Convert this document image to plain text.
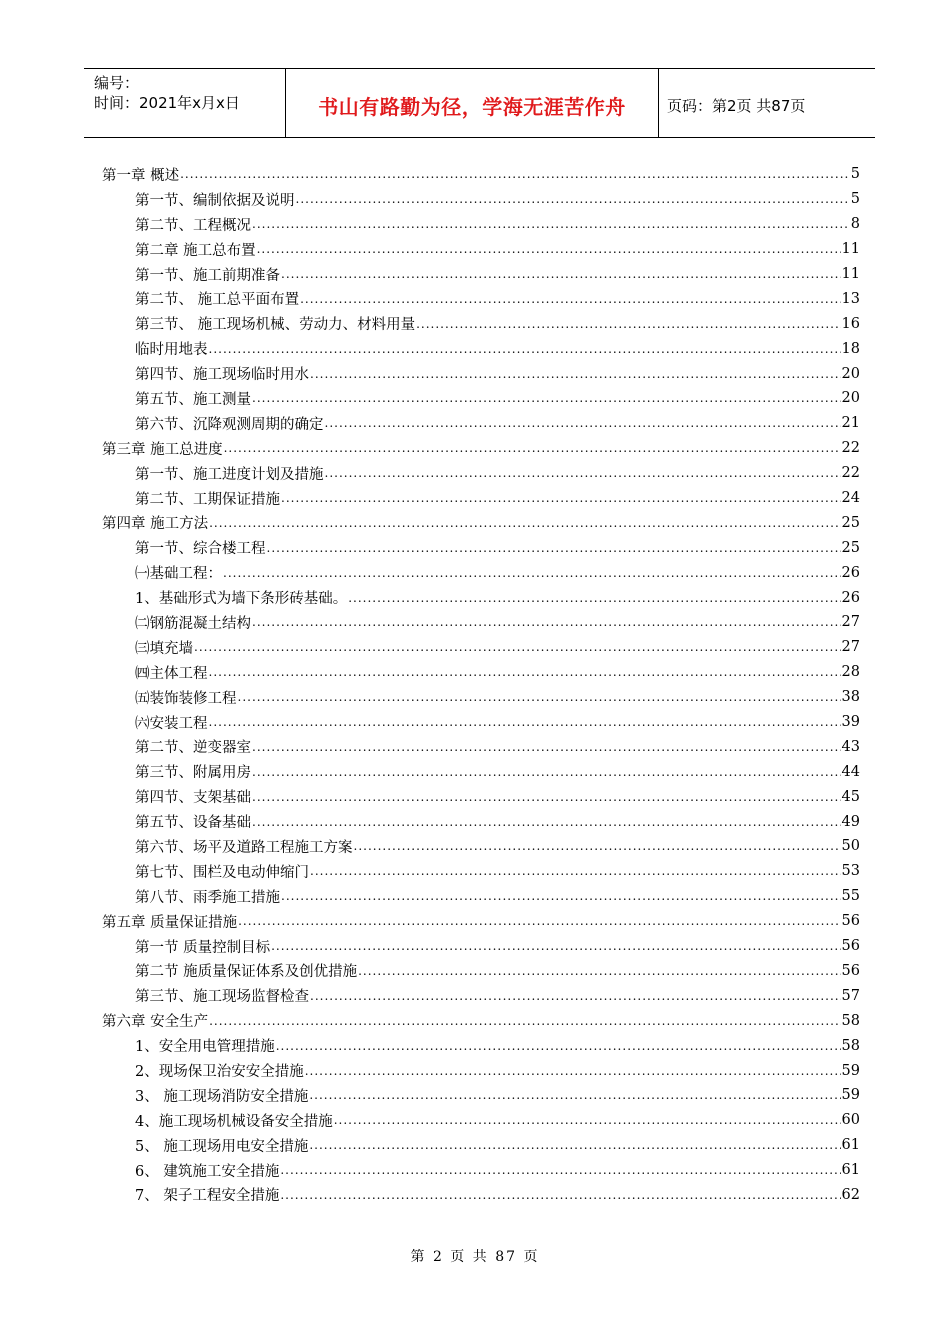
编号：
时间：2021年x月x日	书山有路勤为径，学海无涯苦作舟	页码：第2页 共87页
第一章 概述 .....	5
第一节、编制依据及说明 .....	5
第二节、工程概况 .....	8
第二章 施工总布置 .....	11
第一节、施工前期准备 .....	11
第二节、 施工总平面布置 .....	13
第三节、 施工现场机械、劳动力、材料用量 .....	16
临时用地表 .....	18
第四节、施工现场临时用水 .....	20
第五节、施工测量 .....	20
第六节、沉降观测周期的确定 .....	21
第三章 施工总进度 .....	22
第一节、施工进度计划及措施 .....	22
第二节、工期保证措施 .....	24
第四章 施工方法 .....	25
第一节、综合楼工程 .....	25
㈠基础工程： .....	26
1、基础形式为墙下条形砖基础。 .....	26
㈡钢筋混凝土结构 .....	27
㈢填充墙 .....	27
㈣主体工程 .....	28
㈤装饰装修工程 .....	38
㈥安装工程 .....	39
第二节、逆变器室 .....	43
第三节、附属用房 .....	44
第四节、支架基础 .....	45
第五节、设备基础 .....	49
第六节、场平及道路工程施工方案 .....	50
第七节、围栏及电动伸缩门 .....	53
第八节、雨季施工措施 .....	55
第五章 质量保证措施 .....	56
第一节 质量控制目标 .....	56
第二节 施质量保证体系及创优措施 .....	56
第三节、施工现场监督检查 .....	57
第六章 安全生产 .....	58
1、安全用电管理措施 .....	58
2、现场保卫治安安全措施 .....	59
3、 施工现场消防安全措施 .....	59
4、施工现场机械设备安全措施 .....	60
5、 施工现场用电安全措施 .....	61
6、 建筑施工安全措施 .....	61
7、 架子工程安全措施 .....	62
第 2 页 共 87 页
